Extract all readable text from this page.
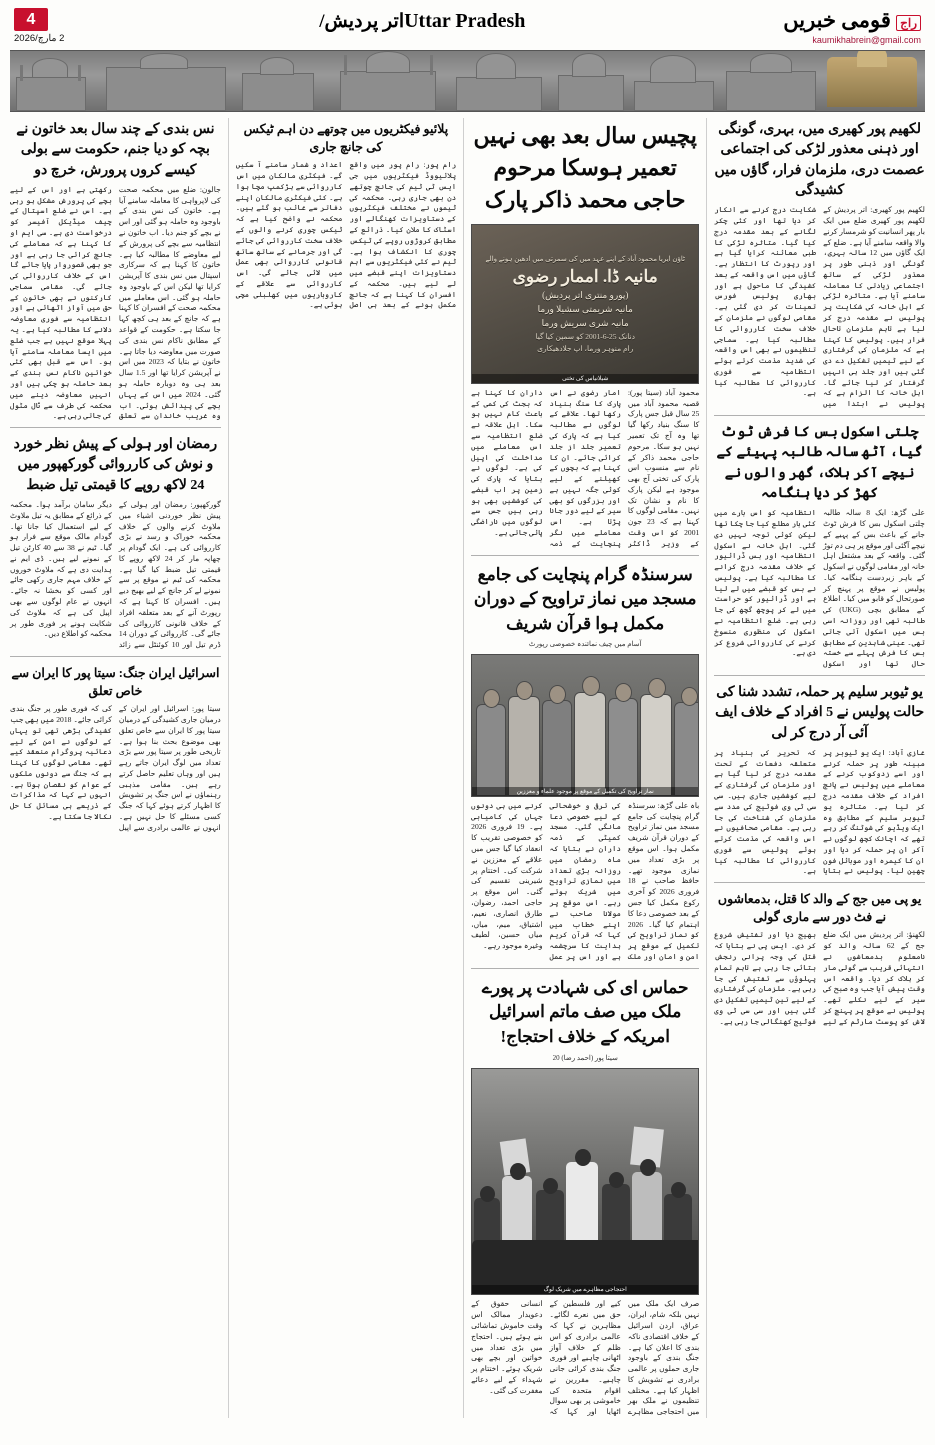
4
2 مارچ/2026
اتر پردیش/Uttar Pradesh	راج قومی خبریں
kaumikhabrein@gmail.com
لکھیم پور کھیری میں، بہری، گونگی اور ذہنی معذور لڑکی کی اجتماعی عصمت دری، ملزمان فرار، گاؤں میں کشیدگی
لکھیم پور کھیری: اتر پردیش کے لکھیم پور کھیری ضلع میں ایک بار پھر انسانیت کو شرمسار کرنے والا واقعہ سامنے آیا ہے۔ ضلع کے ایک گاؤں میں 12 سالہ بہری، گونگی اور ذہنی طور پر معذور لڑکی کے ساتھ اجتماعی زیادتی کا معاملہ سامنے آیا ہے۔ متاثرہ لڑکی کے اہل خانہ کی شکایت پر پولیس نے مقدمہ درج کر لیا ہے تاہم ملزمان تاحال فرار ہیں۔ پولیس کا کہنا ہے کہ ملزمان کی گرفتاری کے لیے ٹیمیں تشکیل دے دی گئی ہیں اور جلد ہی انہیں گرفتار کر لیا جائے گا۔ اہل خانہ کا الزام ہے کہ پولیس نے ابتدا میں شکایت درج کرنے سے انکار کر دیا تھا اور کئی چکر لگانے کے بعد مقدمہ درج کیا گیا۔ متاثرہ لڑکی کا طبی معائنہ کرایا گیا ہے اور رپورٹ کا انتظار ہے۔ گاؤں میں اس واقعہ کے بعد کشیدگی کا ماحول ہے اور بھاری پولیس فورس تعینات کر دی گئی ہے۔ مقامی لوگوں نے ملزمان کے خلاف سخت کارروائی کا مطالبہ کیا ہے۔ سماجی تنظیموں نے بھی اس واقعہ کی شدید مذمت کرتے ہوئے انتظامیہ سے فوری کارروائی کا مطالبہ کیا ہے۔
چلتی اسکول بس کا فرش ٹوٹ گیا، آٹھ سالہ طالبہ پہیئے کے نیچے آکر ہلاک، گھر والوں نے کھڑ کر دیا ہنگامہ
علی گڑھ: ایک 8 سالہ طالبہ چلتی اسکول بس کا فرش ٹوٹ جانے کے باعث بس کے پہیے کے نیچے آگئی اور موقع پر ہی دم توڑ گئی۔ واقعہ کے بعد مشتعل اہل خانہ اور مقامی لوگوں نے اسکول کے باہر زبردست ہنگامہ کیا۔ پولیس نے موقع پر پہنچ کر صورتحال کو قابو میں کیا۔ اطلاع کے مطابق بچی (UKG) کی طالبہ تھی اور روزانہ اسی بس میں اسکول آتی جاتی تھی۔ عینی شاہدین کے مطابق بس کا فرش پہلے سے خستہ حال تھا اور اسکول انتظامیہ کو اس بارے میں کئی بار مطلع کیا جا چکا تھا لیکن کوئی توجہ نہیں دی گئی۔ اہل خانہ نے اسکول انتظامیہ اور بس ڈرائیور کے خلاف مقدمہ درج کرانے کا مطالبہ کیا ہے۔ پولیس نے بس کو قبضے میں لے لیا ہے اور ڈرائیور کو حراست میں لے کر پوچھ گچھ کی جا رہی ہے۔ ضلع انتظامیہ نے اسکول کی منظوری منسوخ کرنے کی کارروائی شروع کر دی ہے۔
یو ٹیوبر سلیم پر حملہ، تشدد شنا کی حالت پولیس نے 5 افراد کے خلاف ایف آئی آر درج کر لی
غازی آباد: ایک یو ٹیوبر پر مبینہ طور پر حملہ کرنے اور اسے زدوکوب کرنے کے معاملے میں پولیس نے پانچ افراد کے خلاف مقدمہ درج کر لیا ہے۔ متاثرہ یو ٹیوبر سلیم کے مطابق وہ ایک ویڈیو کی شوٹنگ کر رہے تھے کہ اچانک کچھ لوگوں نے آکر ان پر حملہ کر دیا اور ان کا کیمرہ اور موبائل فون چھین لیا۔ پولیس نے بتایا کہ تحریر کی بنیاد پر متعلقہ دفعات کے تحت مقدمہ درج کر لیا گیا ہے اور ملزمان کی گرفتاری کے لیے کوششیں جاری ہیں۔ سی سی ٹی وی فوٹیج کی مدد سے ملزمان کی شناخت کی جا رہی ہے۔ مقامی صحافیوں نے اس واقعہ کی مذمت کرتے ہوئے پولیس سے فوری کارروائی کا مطالبہ کیا ہے۔
یو پی میں جج کے والد کا قتل، بدمعاشوں نے فٹ دور سے ماری گولی
لکھنؤ: اتر پردیش میں ایک ضلع جج کے 62 سالہ والد کو نامعلوم بدمعاشوں نے انتہائی قریب سے گولی مار کر ہلاک کر دیا۔ واقعہ اس وقت پیش آیا جب وہ صبح کی سیر کے لیے نکلے تھے۔ پولیس نے موقع پر پہنچ کر لاش کو پوسٹ مارٹم کے لیے بھیج دیا اور تفتیش شروع کر دی۔ ایس پی نے بتایا کہ قتل کی وجہ پرانی رنجش بتائی جا رہی ہے تاہم تمام پہلوؤں سے تفتیش کی جا رہی ہے۔ ملزمان کی گرفتاری کے لیے تین ٹیمیں تشکیل دی گئی ہیں اور سی سی ٹی وی فوٹیج کھنگالی جا رہی ہے۔
پچیس سال بعد بھی نہیں تعمیر ہوسکا مرحوم حاجی محمد ذاکر پارک
ٹاؤن ایریا محمود آباد کے اپنے عہد میں کی سمرتی میں ادھین ہونے والے
مانیہ ڈا. اممار رضوی
(پورو منتری اتر پردیش)
مانیہ شریمتی سشیلا ورما
مانیہ شری سریش ورما
دنانک 25-6-2001 کو سمپن کیا گیا
رام منوہر ورما، اپ جلادھیکاری
شیلانیاس کی تختی
محمود آباد (سیتا پور): قصبہ محمود آباد میں 25 سال قبل جس پارک کا سنگ بنیاد رکھا گیا تھا وہ آج تک تعمیر نہیں ہو سکا۔ مرحوم حاجی محمد ذاکر کے نام سے منسوب اس پارک کی تختی آج بھی موجود ہے لیکن پارک کا نام و نشان تک نہیں۔ مقامی لوگوں کا کہنا ہے کہ 23 جون 2001 کو اس وقت کے وزیر ڈاکٹر امار رضوی نے اس پارک کا سنگ بنیاد رکھا تھا۔ علاقے کے لوگوں نے مطالبہ کیا ہے کہ پارک کی تعمیر جلد از جلد کرائی جائے۔ ان کا کہنا ہے کہ بچوں کے کھیلنے کے لیے کوئی جگہ نہیں ہے اور بزرگوں کو بھی سیر کے لیے دور جانا پڑتا ہے۔ اس معاملے میں نگر پنچایت کے ذمہ داران کا کہنا ہے کہ بجٹ کی کمی کے باعث کام نہیں ہو سکا۔ اہل علاقہ نے ضلع انتظامیہ سے اس معاملے میں مداخلت کی اپیل کی ہے۔ لوگوں نے بتایا کہ پارک کی زمین پر اب قبضے کی کوششیں بھی ہو رہی ہیں جس سے لوگوں میں ناراضگی پائی جاتی ہے۔
سرسنڈہ گرام پنچایت کی جامع مسجد میں نماز تراویح کے دوران مکمل ہوا قرآن شریف
آسام میں چیف نمائندہ خصوصی رپورٹ
نماز تراویح کی تکمیل کے موقع پر موجود علماء و معززین
باہ علی گڑھ: سرسنڈہ گرام پنچایت کی جامع مسجد میں نماز تراویح کے دوران قرآن شریف مکمل ہوا۔ اس موقع پر بڑی تعداد میں نمازی موجود تھے۔ حافظ صاحب نے 18 فروری 2026 کو آخری رکوع مکمل کیا جس کے بعد خصوصی دعا کا اہتمام کیا گیا۔ 2026 کو نماز تراویح کی تکمیل کے موقع پر امن و امان اور ملک کی ترقی و خوشحالی کے لیے خصوصی دعا مانگی گئی۔ مسجد کمیٹی کے ذمہ داران نے بتایا کہ ماہ رمضان میں روزانہ بڑی تعداد میں نمازی تراویح میں شریک ہوتے رہے۔ اس موقع پر مولانا صاحب نے اپنے خطاب میں کہا کہ قرآن کریم ہدایت کا سرچشمہ ہے اور اس پر عمل کرنے میں ہی دونوں جہاں کی کامیابی ہے۔ 19 فروری 2026 کو خصوصی تقریب کا انعقاد کیا گیا جس میں علاقے کے معززین نے شرکت کی۔ اختتام پر شیرینی تقسیم کی گئی۔ اس موقع پر حاجی احمد، رضوان، طارق انصاری، نعیم، اشتیاق، میم، میاں، میاں حسین، لطیف وغیرہ موجود رہے۔
حماس ای کی شہادت پر پورے ملک میں صف ماتم اسرائیل امریکہ کے خلاف احتجاج!
سیتا پور (احمد رضا) 20
احتجاجی مظاہرے میں شریک لوگ
صرف ایک ملک میں نہیں بلکہ شام، ایران، عراق، اردن اسرائیل کے خلاف اقتصادی ناکہ بندی کا اعلان کیا ہے۔ جنگ بندی کے باوجود جاری حملوں پر عالمی برادری نے تشویش کا اظہار کیا ہے۔ مختلف تنظیموں نے ملک بھر میں احتجاجی مظاہرے کیے اور فلسطین کے حق میں نعرے لگائے۔ مظاہرین نے کہا کہ عالمی برادری کو اس ظلم کے خلاف آواز اٹھانی چاہیے اور فوری جنگ بندی کرائی جانی چاہیے۔ مقررین نے اقوام متحدہ کی خاموشی پر بھی سوال اٹھایا اور کہا کہ انسانی حقوق کے دعویدار ممالک اس وقت خاموش تماشائی بنے ہوئے ہیں۔ احتجاج میں بڑی تعداد میں خواتین اور بچے بھی شریک ہوئے۔ اختتام پر شہداء کے لیے دعائے مغفرت کی گئی۔
پلائیو فیکٹریوں میں چوتھے دن اہم ٹیکس کی جانچ جاری
رام پور: رام پور میں واقع پلائیووڈ فیکٹریوں میں جی ایس ٹی ٹیم کی جانچ چوتھے دن بھی جاری رہی۔ محکمہ کی ٹیموں نے مختلف فیکٹریوں کے دستاویزات کھنگالے اور اسٹاک کا ملان کیا۔ ذرائع کے مطابق کروڑوں روپے کی ٹیکس چوری کا انکشاف ہوا ہے۔ ٹیم نے کئی فیکٹریوں سے اہم دستاویزات اپنے قبضے میں لے لیے ہیں۔ محکمہ کے افسران کا کہنا ہے کہ جانچ مکمل ہونے کے بعد ہی اصل اعداد و شمار سامنے آ سکیں گے۔ فیکٹری مالکان میں اس کارروائی سے ہڑکمپ مچا ہوا ہے۔ کئی فیکٹری مالکان اپنے دفاتر سے غائب ہو گئے ہیں۔ محکمہ نے واضح کیا ہے کہ ٹیکس چوری کرنے والوں کے خلاف سخت کارروائی کی جائے گی اور جرمانے کے ساتھ ساتھ قانونی کارروائی بھی عمل میں لائی جائے گی۔ اس کارروائی سے علاقے کے کاروباریوں میں کھلبلی مچی ہوئی ہے۔
نس بندی کے چند سال بعد خاتون نے بچہ کو دیا جنم، حکومت سے بولی کیسے کروں پرورش، خرچ دو
جالون: ضلع میں محکمہ صحت کی لاپرواہی کا معاملہ سامنے آیا ہے۔ خاتون کی نس بندی کے باوجود وہ حاملہ ہو گئی اور اس نے بچے کو جنم دیا۔ اب خاتون نے انتظامیہ سے بچے کی پرورش کے لیے معاوضے کا مطالبہ کیا ہے۔ خاتون کا کہنا ہے کہ سرکاری اسپتال میں نس بندی کا آپریشن کرایا تھا لیکن اس کے باوجود وہ حاملہ ہو گئی۔ اس معاملے میں محکمہ صحت کے افسران کا کہنا ہے کہ جانچ کے بعد ہی کچھ کہا جا سکتا ہے۔ حکومت کے قواعد کے مطابق ناکام نس بندی کی صورت میں معاوضہ دیا جاتا ہے۔ خاتون نے بتایا کہ 2023 میں اس نے آپریشن کرایا تھا اور 1.5 سال بعد ہی وہ دوبارہ حاملہ ہو گئی۔ 2024 میں اس کے یہاں بچے کی پیدائش ہوئی۔ اب وہ غریب خاندان سے تعلق رکھتی ہے اور اس کے لیے بچے کی پرورش مشکل ہو رہی ہے۔ اس نے ضلع اسپتال کے چیف میڈیکل آفیسر کو درخواست دی ہے۔ سی ایم او کا کہنا ہے کہ معاملے کی جانچ کرائی جا رہی ہے اور جو بھی قصوروار پایا جائے گا اس کے خلاف کارروائی کی جائے گی۔ مقامی سماجی کارکنوں نے بھی خاتون کے حق میں آواز اٹھائی ہے اور انتظامیہ سے فوری معاوضہ دلانے کا مطالبہ کیا ہے۔ یہ پہلا موقع نہیں ہے جب ضلع میں ایسا معاملہ سامنے آیا ہو۔ اس سے قبل بھی کئی خواتین ناکام نس بندی کے بعد حاملہ ہو چکی ہیں اور انہیں معاوضہ دینے میں محکمہ کی طرف سے ٹال مٹول کی جاتی رہی ہے۔
رمضان اور ہولی کے پیش نظر خورد و نوش کی کارروائی گورکھپور میں 24 لاکھ روپے کا قیمتی تیل ضبط
گورکھپور: رمضان اور ہولی کے پیش نظر خوردنی اشیاء میں ملاوٹ کرنے والوں کے خلاف محکمہ خوراک و رسد نے بڑی کارروائی کی ہے۔ ایک گودام پر چھاپہ مار کر 24 لاکھ روپے کا قیمتی تیل ضبط کیا گیا ہے۔ محکمہ کی ٹیم نے موقع پر سے نمونے لے کر جانچ کے لیے بھیج دیے ہیں۔ افسران کا کہنا ہے کہ رپورٹ آنے کے بعد متعلقہ افراد کے خلاف قانونی کارروائی کی جائے گی۔ کارروائی کے دوران 14 ڈرم تیل اور 10 کوئنٹل سے زائد دیگر سامان برآمد ہوا۔ محکمہ کے ذرائع کے مطابق یہ تیل ملاوٹ کے لیے استعمال کیا جانا تھا۔ گودام مالک موقع سے فرار ہو گیا۔ ٹیم نے 38 سے 40 کارٹن تیل کے نمونے لیے ہیں۔ ڈی ایم نے ہدایت دی ہے کہ ملاوٹ خوروں کے خلاف مہم جاری رکھی جائے اور کسی کو بخشا نہ جائے۔ انہوں نے عام لوگوں سے بھی اپیل کی ہے کہ ملاوٹ کی شکایت ہونے پر فوری طور پر محکمہ کو اطلاع دیں۔
اسرائیل ایران جنگ: سیتا پور کا ایران سے خاص تعلق
سیتا پور: اسرائیل اور ایران کے درمیان جاری کشیدگی کے درمیان سیتا پور کا ایران سے خاص تعلق بھی موضوع بحث بنا ہوا ہے۔ تاریخی طور پر سیتا پور سے بڑی تعداد میں لوگ ایران جاتے رہے ہیں اور وہاں تعلیم حاصل کرتے رہے ہیں۔ مقامی مذہبی رہنماؤں نے اس جنگ پر تشویش کا اظہار کرتے ہوئے کہا کہ جنگ کسی مسئلے کا حل نہیں ہے۔ انہوں نے عالمی برادری سے اپیل کی کہ فوری طور پر جنگ بندی کرائی جائے۔ 2018 میں بھی جب کشیدگی بڑھی تھی تو یہاں کے لوگوں نے امن کے لیے دعائیہ پروگرام منعقد کیے تھے۔ مقامی لوگوں کا کہنا ہے کہ جنگ سے دونوں ملکوں کے عوام کو نقصان ہوتا ہے۔ انہوں نے کہا کہ مذاکرات کے ذریعے ہی مسائل کا حل نکالا جا سکتا ہے۔
